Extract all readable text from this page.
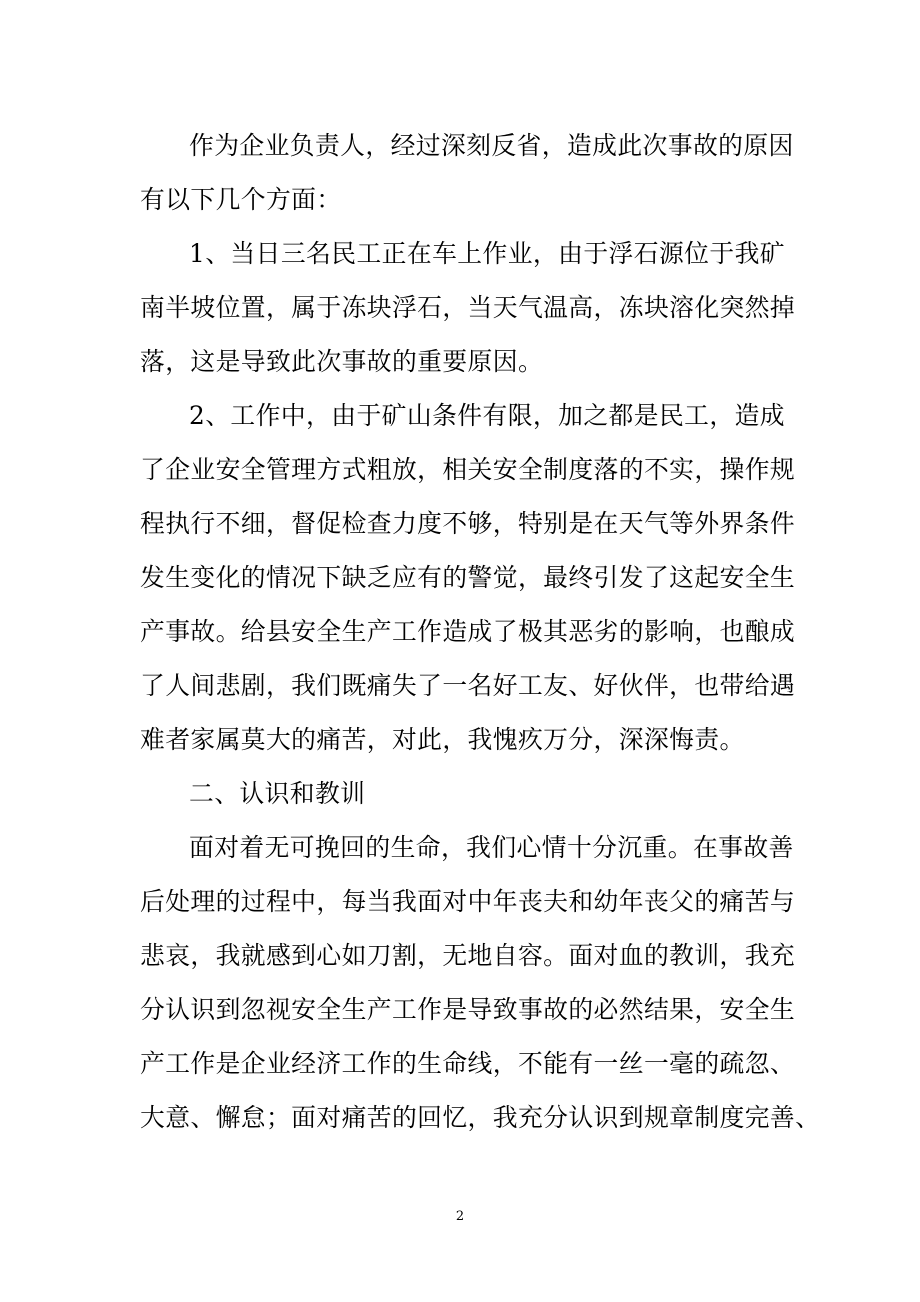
作为企业负责人，经过深刻反省，造成此次事故的原因
有以下几个方面：
1、当日三名民工正在车上作业，由于浮石源位于我矿
南半坡位置，属于冻块浮石，当天气温高，冻块溶化突然掉
落，这是导致此次事故的重要原因。
2、工作中，由于矿山条件有限，加之都是民工，造成
了企业安全管理方式粗放，相关安全制度落的不实，操作规
程执行不细，督促检查力度不够，特别是在天气等外界条件
发生变化的情况下缺乏应有的警觉，最终引发了这起安全生
产事故。给县安全生产工作造成了极其恶劣的影响，也酿成
了人间悲剧，我们既痛失了一名好工友、好伙伴，也带给遇
难者家属莫大的痛苦，对此，我愧疚万分，深深悔责。
二、认识和教训
面对着无可挽回的生命，我们心情十分沉重。在事故善
后处理的过程中，每当我面对中年丧夫和幼年丧父的痛苦与
悲哀，我就感到心如刀割，无地自容。面对血的教训，我充
分认识到忽视安全生产工作是导致事故的必然结果，安全生
产工作是企业经济工作的生命线，不能有一丝一毫的疏忽、
大意、懈怠；面对痛苦的回忆，我充分认识到规章制度完善、
2
